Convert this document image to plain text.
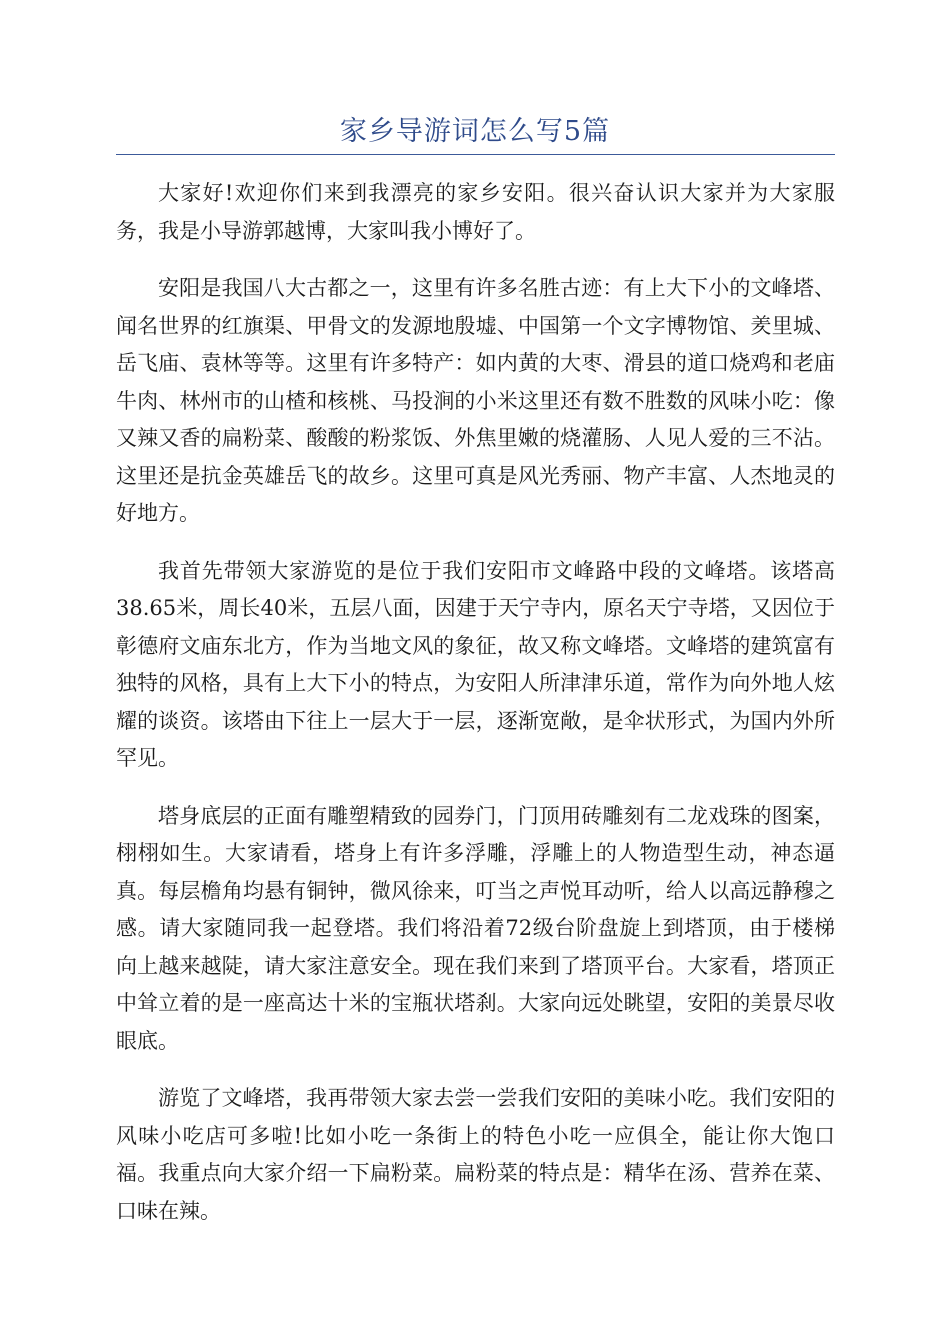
家乡导游词怎么写5篇

大家好!欢迎你们来到我漂亮的家乡安阳。很兴奋认识大家并为大家服务，我是小导游郭越博，大家叫我小博好了。

安阳是我国八大古都之一，这里有许多名胜古迹：有上大下小的文峰塔、闻名世界的红旗渠、甲骨文的发源地殷墟、中国第一个文字博物馆、羑里城、岳飞庙、袁林等等。这里有许多特产：如内黄的大枣、滑县的道口烧鸡和老庙牛肉、林州市的山楂和核桃、马投涧的小米这里还有数不胜数的风味小吃：像又辣又香的扁粉菜、酸酸的粉浆饭、外焦里嫩的烧灌肠、人见人爱的三不沾。这里还是抗金英雄岳飞的故乡。这里可真是风光秀丽、物产丰富、人杰地灵的好地方。

我首先带领大家游览的是位于我们安阳市文峰路中段的文峰塔。该塔高38.65米，周长40米，五层八面，因建于天宁寺内，原名天宁寺塔，又因位于彰德府文庙东北方，作为当地文风的象征，故又称文峰塔。文峰塔的建筑富有独特的风格，具有上大下小的特点，为安阳人所津津乐道，常作为向外地人炫耀的谈资。该塔由下往上一层大于一层，逐渐宽敞，是伞状形式，为国内外所罕见。

塔身底层的正面有雕塑精致的园券门，门顶用砖雕刻有二龙戏珠的图案，栩栩如生。大家请看，塔身上有许多浮雕，浮雕上的人物造型生动，神态逼真。每层檐角均悬有铜钟，微风徐来，叮当之声悦耳动听，给人以高远静穆之感。请大家随同我一起登塔。我们将沿着72级台阶盘旋上到塔顶，由于楼梯向上越来越陡，请大家注意安全。现在我们来到了塔顶平台。大家看，塔顶正中耸立着的是一座高达十米的宝瓶状塔刹。大家向远处眺望，安阳的美景尽收眼底。

游览了文峰塔，我再带领大家去尝一尝我们安阳的美味小吃。我们安阳的风味小吃店可多啦!比如小吃一条街上的特色小吃一应俱全，能让你大饱口福。我重点向大家介绍一下扁粉菜。扁粉菜的特点是：精华在汤、营养在菜、口味在辣。
